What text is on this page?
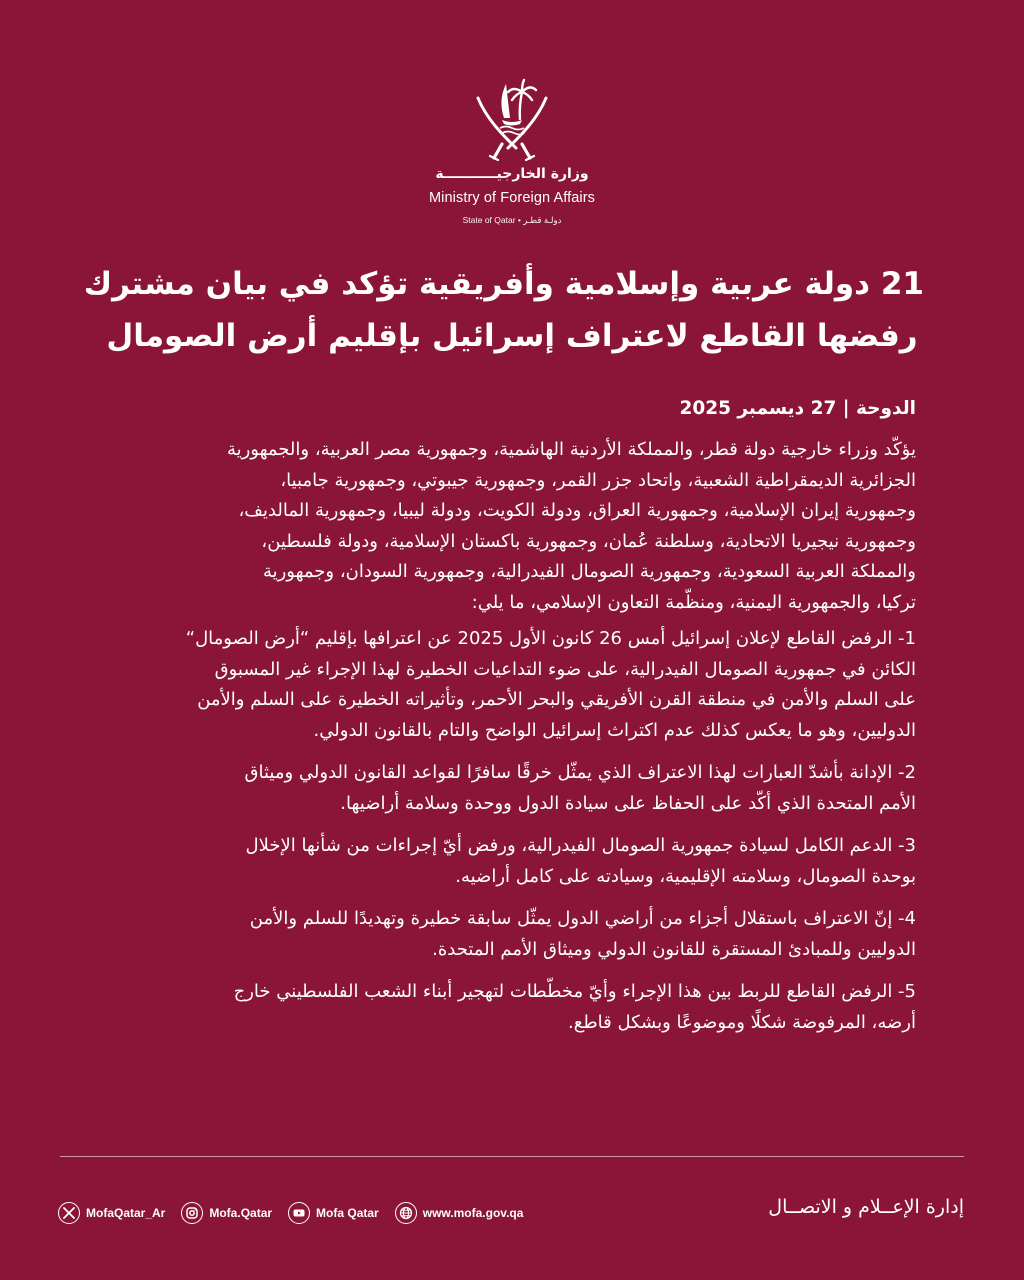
وزارة الخارجيـــــــــــة
Ministry of Foreign Affairs
State of Qatar • دولـة قطـر
21 دولة عربية وإسلامية وأفريقية تؤكد في بيان مشترك
رفضها القاطع لاعتراف إسرائيل بإقليم أرض الصومال
الدوحة | 27 ديسمبر 2025
يؤكّد وزراء خارجية دولة قطر، والمملكة الأردنية الهاشمية، وجمهورية مصر العربية، والجمهورية
الجزائرية الديمقراطية الشعبية، واتحاد جزر القمر، وجمهورية جيبوتي، وجمهورية جامبيا،
وجمهورية إيران الإسلامية، وجمهورية العراق، ودولة الكويت، ودولة ليبيا، وجمهورية المالديف،
وجمهورية نيجيريا الاتحادية، وسلطنة عُمان، وجمهورية باكستان الإسلامية، ودولة فلسطين،
والمملكة العربية السعودية، وجمهورية الصومال الفيدرالية، وجمهورية السودان، وجمهورية
تركيا، والجمهورية اليمنية، ومنظّمة التعاون الإسلامي، ما يلي:
1- الرفض القاطع لإعلان إسرائيل أمس 26 كانون الأول 2025 عن اعترافها بإقليم “أرض الصومال“
الكائن في جمهورية الصومال الفيدرالية، على ضوء التداعيات الخطيرة لهذا الإجراء غير المسبوق
على السلم والأمن في منطقة القرن الأفريقي والبحر الأحمر، وتأثيراته الخطيرة على السلم والأمن
الدوليين، وهو ما يعكس كذلك عدم اكتراث إسرائيل الواضح والتام بالقانون الدولي.
2- الإدانة بأشدّ العبارات لهذا الاعتراف الذي يمثّل خرقًا سافرًا لقواعد القانون الدولي وميثاق
الأمم المتحدة الذي أكّد على الحفاظ على سيادة الدول ووحدة وسلامة أراضيها.
3- الدعم الكامل لسيادة جمهورية الصومال الفيدرالية، ورفض أيّ إجراءات من شأنها الإخلال
بوحدة الصومال، وسلامته الإقليمية، وسيادته على كامل أراضيه.
4- إنّ الاعتراف باستقلال أجزاء من أراضي الدول يمثّل سابقة خطيرة وتهديدًا للسلم والأمن
الدوليين وللمبادئ المستقرة للقانون الدولي وميثاق الأمم المتحدة.
5- الرفض القاطع للربط بين هذا الإجراء وأيّ مخطّطات لتهجير أبناء الشعب الفلسطيني خارج
أرضه، المرفوضة شكلًا وموضوعًا وبشكل قاطع.
MofaQatar_Ar	Mofa.Qatar	Mofa Qatar	www.mofa.gov.qa	إدارة الإعــلام و الاتصــال
